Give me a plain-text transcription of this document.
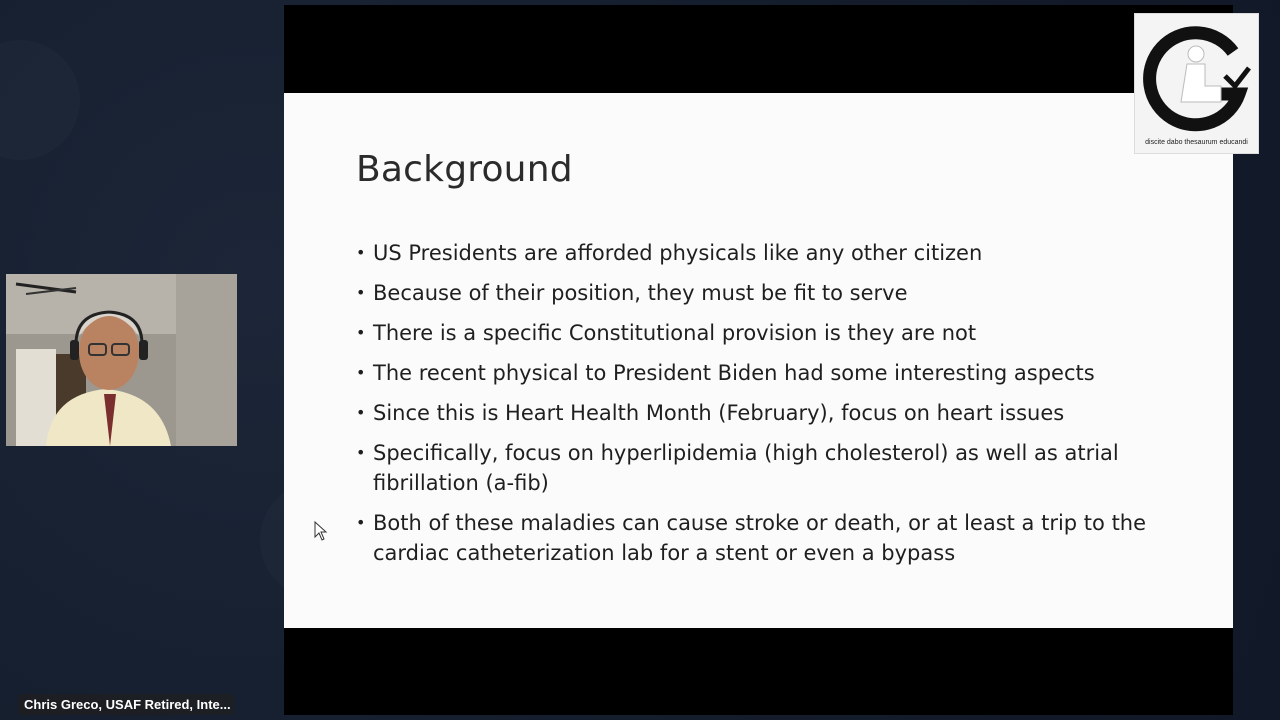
Background
• US Presidents are afforded physicals like any other citizen
• Because of their position, they must be fit to serve
• There is a specific Constitutional provision is they are not
• The recent physical to President Biden had some interesting aspects
• Since this is Heart Health Month (February), focus on heart issues
• Specifically, focus on hyperlipidemia (high cholesterol) as well as atrial fibrillation (a-fib)
• Both of these maladies can cause stroke or death, or at least a trip to the cardiac catheterization lab for a stent or even a bypass
discite dabo thesaurum educandi
Chris Greco, USAF Retired, Inte...
